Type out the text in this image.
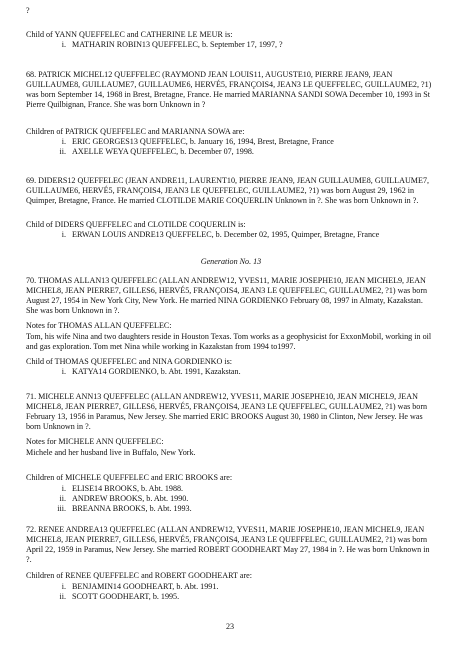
?

Child of YANN QUEFFELEC and CATHERINE LE MEUR is:

i. MATHARIN ROBIN13 QUEFFELEC, b. September 17, 1997, ?

68. PATRICK MICHEL12 QUEFFELEC (RAYMOND JEAN LOUIS11, AUGUSTE10, PIERRE JEAN9, JEAN GUILLAUME8, GUILLAUME7, GUILLAUME6, HERVÉ5, FRANÇOIS4, JEAN3 LE QUEFFELEC, GUILLAUME2, ?1) was born September 14, 1968 in Brest, Bretagne, France. He married MARIANNA SANDI SOWA December 10, 1993 in St Pierre Quilbignan, France. She was born Unknown in ?

Children of PATRICK QUEFFELEC and MARIANNA SOWA are:

i. ERIC GEORGES13 QUEFFELEC, b. January 16, 1994, Brest, Bretagne, France
ii. AXELLE WEYA QUEFFELEC, b. December 07, 1998.

69. DIDERS12 QUEFFELEC (JEAN ANDRE11, LAURENT10, PIERRE JEAN9, JEAN GUILLAUME8, GUILLAUME7, GUILLAUME6, HERVÉ5, FRANÇOIS4, JEAN3 LE QUEFFELEC, GUILLAUME2, ?1) was born August 29, 1962 in Quimper, Bretagne, France. He married CLOTILDE MARIE COQUERLIN Unknown in ?. She was born Unknown in ?.

Child of DIDERS QUEFFELEC and CLOTILDE COQUERLIN is:

i. ERWAN LOUIS ANDRE13 QUEFFELEC, b. December 02, 1995, Quimper, Bretagne, France

Generation No. 13

70. THOMAS ALLAN13 QUEFFELEC (ALLAN ANDREW12, YVES11, MARIE JOSEPHE10, JEAN MICHEL9, JEAN MICHEL8, JEAN PIERRE7, GILLES6, HERVÉ5, FRANÇOIS4, JEAN3 LE QUEFFELEC, GUILLAUME2, ?1) was born August 27, 1954 in New York City, New York. He married NINA GORDIENKO February 08, 1997 in Almaty, Kazakstan. She was born Unknown in ?.

Notes for THOMAS ALLAN QUEFFELEC:

Tom, his wife Nina and two daughters reside in Houston Texas. Tom works as a geophysicist for ExxonMobil, working in oil and gas exploration. Tom met Nina while working in Kazakstan from 1994 to1997.

Child of THOMAS QUEFFELEC and NINA GORDIENKO is:

i. KATYA14 GORDIENKO, b. Abt. 1991, Kazakstan.

71. MICHELE ANN13 QUEFFELEC (ALLAN ANDREW12, YVES11, MARIE JOSEPHE10, JEAN MICHEL9, JEAN MICHEL8, JEAN PIERRE7, GILLES6, HERVÉ5, FRANÇOIS4, JEAN3 LE QUEFFELEC, GUILLAUME2, ?1) was born February 13, 1956 in Paramus, New Jersey. She married ERIC BROOKS August 30, 1980 in Clinton, New Jersey. He was born Unknown in ?.

Notes for MICHELE ANN QUEFFELEC:

Michele and her husband live in Buffalo, New York.

Children of MICHELE QUEFFELEC and ERIC BROOKS are:

i. ELISE14 BROOKS, b. Abt. 1988.
ii. ANDREW BROOKS, b. Abt. 1990.
iii. BREANNA BROOKS, b. Abt. 1993.

72. RENEE ANDREA13 QUEFFELEC (ALLAN ANDREW12, YVES11, MARIE JOSEPHE10, JEAN MICHEL9, JEAN MICHEL8, JEAN PIERRE7, GILLES6, HERVÉ5, FRANÇOIS4, JEAN3 LE QUEFFELEC, GUILLAUME2, ?1) was born April 22, 1959 in Paramus, New Jersey. She married ROBERT GOODHEART May 27, 1984 in ?. He was born Unknown in ?.

Children of RENEE QUEFFELEC and ROBERT GOODHEART are:

i. BENJAMIN14 GOODHEART, b. Abt. 1991.
ii. SCOTT GOODHEART, b. 1995.

23
